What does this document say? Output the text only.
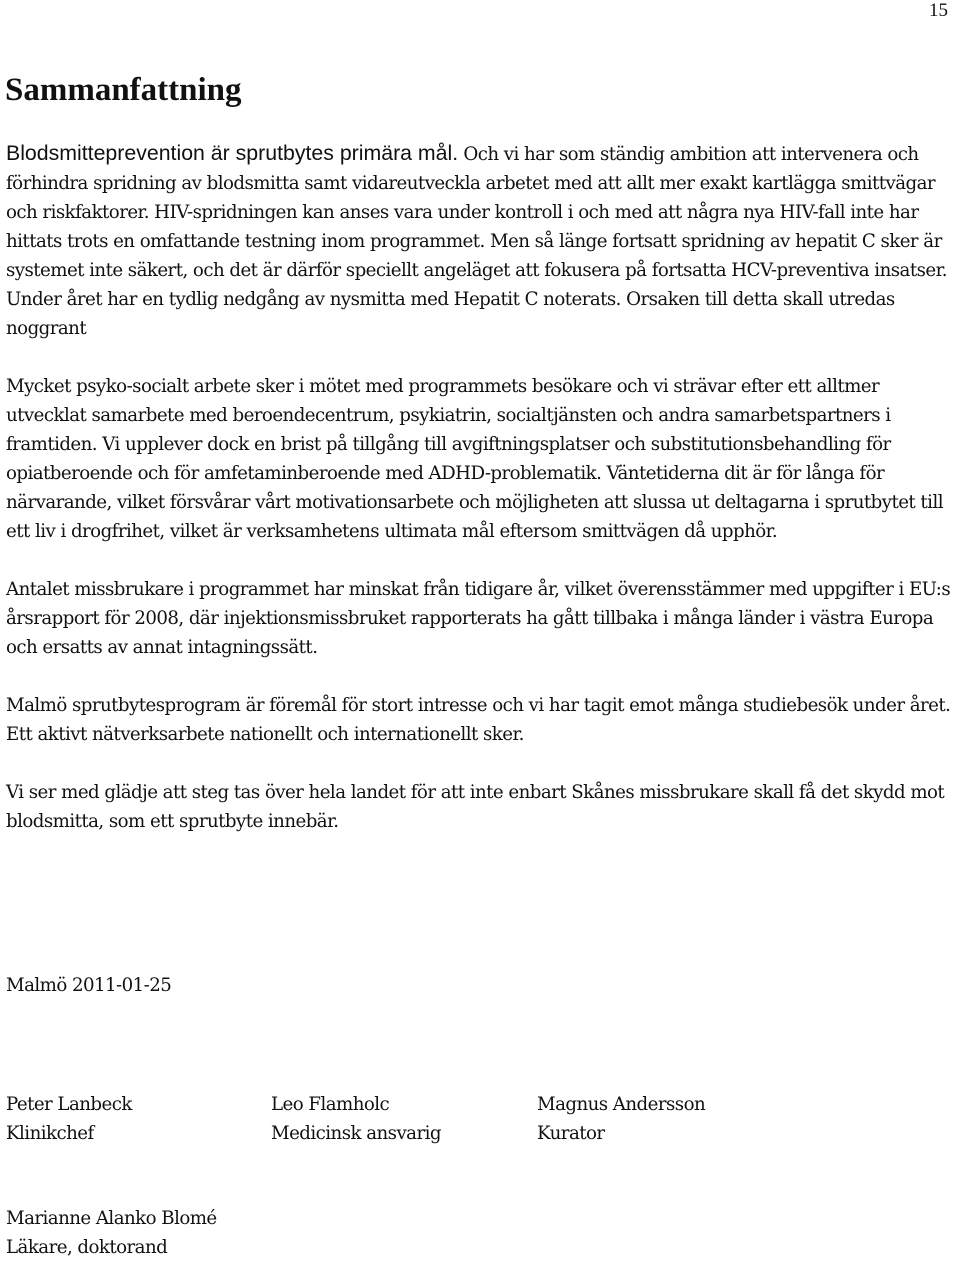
15
Sammanfattning

Blodsmitteprevention är sprutbytes primära mål. Och vi har som ständig ambition att intervenera och förhindra spridning av blodsmitta samt vidareutveckla arbetet med att allt mer exakt kartlägga smittvägar och riskfaktorer. HIV-spridningen kan anses vara under kontroll i och med att några nya HIV-fall inte har hittats trots en omfattande testning inom programmet. Men så länge fortsatt spridning av hepatit C sker är systemet inte säkert, och det är därför speciellt angeläget att fokusera på fortsatta HCV-preventiva insatser. Under året har en tydlig nedgång av nysmitta med Hepatit C noterats. Orsaken till detta skall utredas noggrant

Mycket psyko-socialt arbete sker i mötet med programmets besökare och vi strävar efter ett alltmer utvecklat samarbete med beroendecentrum, psykiatrin, socialtjänsten och andra samarbetspartners i framtiden. Vi upplever dock en brist på tillgång till avgiftningsplatser och substitutionsbehandling för opiatberoende och för amfetaminberoende med ADHD-problematik. Väntetiderna dit är för långa för närvarande, vilket försvårar vårt motivationsarbete och möjligheten att slussa ut deltagarna i sprutbytet till ett liv i drogfrihet, vilket är verksamhetens ultimata mål eftersom smittvägen då upphör.

Antalet missbrukare i programmet har minskat från tidigare år, vilket överensstämmer med uppgifter i EU:s årsrapport för 2008, där injektionsmissbruket rapporterats ha gått tillbaka i många länder i västra Europa och ersatts av annat intagningssätt.

Malmö sprutbytesprogram är föremål för stort intresse och vi har tagit emot många studiebesök under året. Ett aktivt nätverksarbete nationellt och internationellt sker.

Vi ser med glädje att steg tas över hela landet för att inte enbart Skånes missbrukare skall få det skydd mot blodsmitta, som ett sprutbyte innebär.

Malmö 2011-01-25
Peter Lanbeck
Klinikchef
Leo Flamholc
Medicinsk ansvarig
Magnus Andersson
Kurator
Marianne Alanko Blomé
Läkare, doktorand
